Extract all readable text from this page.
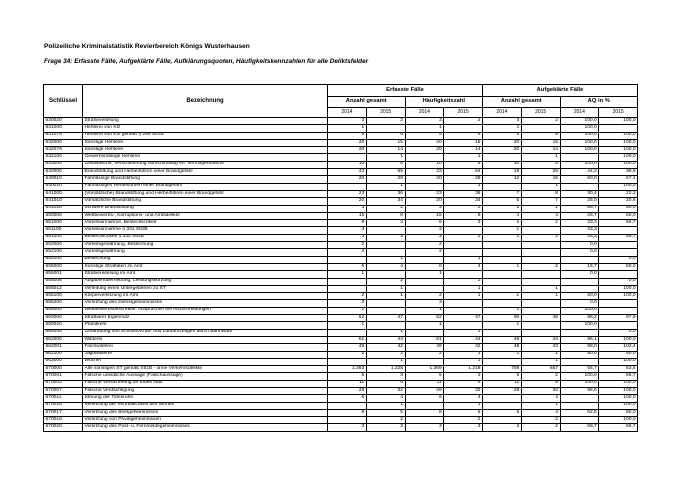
Polizeiliche Kriminalstatistik Revierbereich Königs Wusterhausen
Frage 34: Erfasste Fälle, Aufgeklärte Fälle, Aufklärungsquoten, Häufigkeitskennzahlen für alle Deliktsfelder
Schlüssel	Bezeichnung	Erfasste Fälle				Aufgeklärte Fälle			
		Anzahl gesamt		Häufigkeitszahl		Anzahl gesamt		AQ in %	
		2014	2015	2014	2015	2014	2015	2014	2015
630020	Strafvereitelung	3	2	3	2	3	2	100,0	100,0
631000	Hehlerei von Kfz	1		1		1		100,0	
631079	Hehlerei von Kfz gemäß § 259 StGB	5	6	5	6	5	6	100,0	100,0
632000	Sonstige Hehlerei	20	15	20	15	20	15	100,0	100,0
632079	Sonstige Hehlerei	20	14	20	14	20	14	100,0	100,0
632100	Gewerbsmäßige Hehlerei		1		1		1		100,0
633000	Geldwäsche, Verschleierung unrechtmäßig erl. Vermögenswerte	10	8	10	8	10	8	100,0	100,0
640000	Brandstiftung und Herbeiführen einer Brandgefahr	43	65	43	64	19	25	44,2	38,5
640010	Fahrlässige Brandstiftung	20	28	20	28	12	16	60,0	57,1
640020	Fahrlässiges Herbeiführen einer Brandgefahr		1		1		1		100,0
641000	(Vorsätzliche) Brandstiftung und Herbeiführen einer Brandgefahr	23	36	23	36	7	8	30,4	22,2
641010	Vorsätzliche Brandstiftung	20	34	20	34	5	7	25,0	20,6
641020	Schwere Brandstiftung	3	2	3	2	2	1	66,7	50,0
650000	Wettbewerbs-, Korruptions- und Amtsdelikte	15	8	15	8	4	4	26,7	50,0
651000	Vorteilsannahme, Bestechlichkeit	6	3	6	3	2	2	33,3	66,7
651100	Vorteilsannahme § 331 StGB	3		3		1		33,3	
651200	Bestechlichkeit § 332 StGB	3	3	3	3	1	2	33,3	66,7
652000	Vorteilsgewährung, Bestechung	2		2				0,0	
652100	Vorteilsgewährung	2		2				0,0	
652200	Bestechung		1		1				0,0
655000	Sonstige Straftaten im Amt	6	4	6	4	1	2	16,7	50,0
655001	Strafvereitelung im Amt	1		1				0,0	
655008	Abgabenüberhebung; Leistungskürzung		2		2				0,0
655012	Verleitung eines Untergebenen zu ST		1		1		1		100,0
655100	Körperverletzung im Amt	2	1	2	1	1	1	50,0	100,0
655200	Verletzung des Dienstgeheimnisses	3		3				0,0	
656000	Wettbewerbsbeschränk. Absprachen bei Ausschreibungen	1		1		1		100,0	
660000	Strafbarer Eigennutz	52	47	52	47	50	46	96,2	97,9
660020	Pfandkehr	1		1		1		100,0	
660040	Gefährdung von Schiffen/Kraft- und Luftfahrzeugen durch Bannware		1		1				0,0
662000	Wilderei	51	44	51	44	49	44	96,1	100,0
662001	Fischwilderei	49	42	49	42	48	43	98,0	102,4
662100	Jagdwilderei	2	2	2	2	1	1	50,0	50,0
663000	Wucher		1		1		1		100,0
670000	Alle sonstigen ST gemäß StGB - ohne Verkehrsdelikte	1.363	1.228	1.369	1.218	759	657	55,7	53,5
670001	Falsche uneidliche Aussage (Falschaussage)	5	3	5	3	5	2	100,0	66,7
670003	Falsche Versicherung an Eides statt	11	6	11	6	11	6	100,0	100,0
670007	Falsche Verdächtigung	29	32	29	32	28	32	96,6	100,0
670011	Störung der Totenruhe	6	4	6	4		4		100,0
670016	Verletzung der Vertraulichkeit des Wortes		1		1		1		100,0
670017	Verletzung des Briefgeheimnisses	8	5	8	5	5	4	62,5	80,0
670018	Verletzung von Privatgeheimnissen		2		2		2		100,0
670020	Verletzung des Post- u. Fernmeldegeheimnisses	3	3	3	3	2	2	66,7	66,7
